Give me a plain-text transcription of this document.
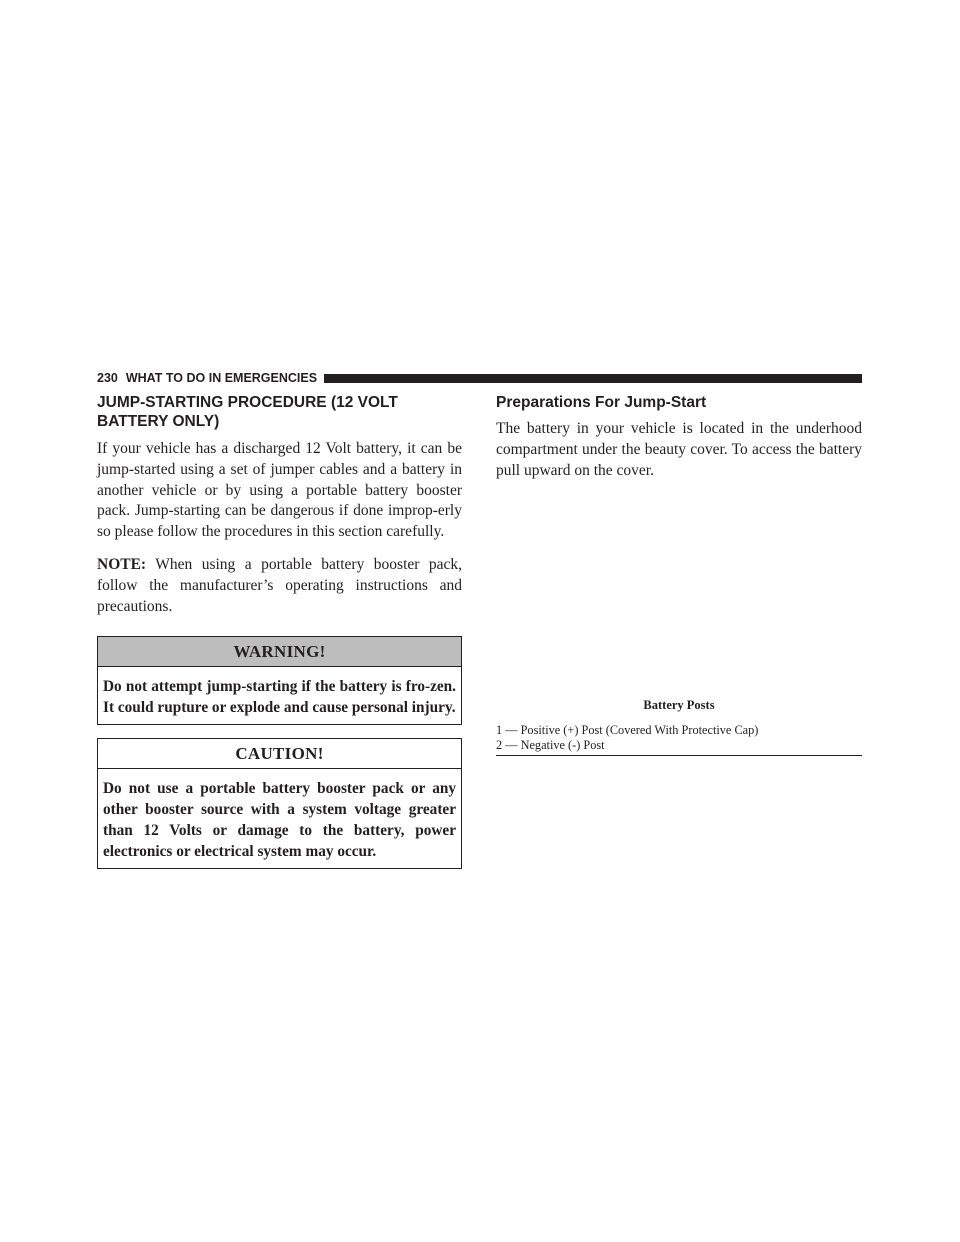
230 WHAT TO DO IN EMERGENCIES
JUMP-STARTING PROCEDURE (12 VOLT BATTERY ONLY)

If your vehicle has a discharged 12 Volt battery, it can be jump-started using a set of jumper cables and a battery in another vehicle or by using a portable battery booster pack. Jump-starting can be dangerous if done improp-erly so please follow the procedures in this section carefully.

NOTE: When using a portable battery booster pack, follow the manufacturer’s operating instructions and precautions.

WARNING!
Do not attempt jump-starting if the battery is fro-zen. It could rupture or explode and cause personal injury.
CAUTION!
Do not use a portable battery booster pack or any other booster source with a system voltage greater than 12 Volts or damage to the battery, power electronics or electrical system may occur.
Preparations For Jump-Start

The battery in your vehicle is located in the underhood compartment under the beauty cover. To access the battery pull upward on the cover.

Battery Posts
1 — Positive (+) Post (Covered With Protective Cap)
2 — Negative (-) Post
